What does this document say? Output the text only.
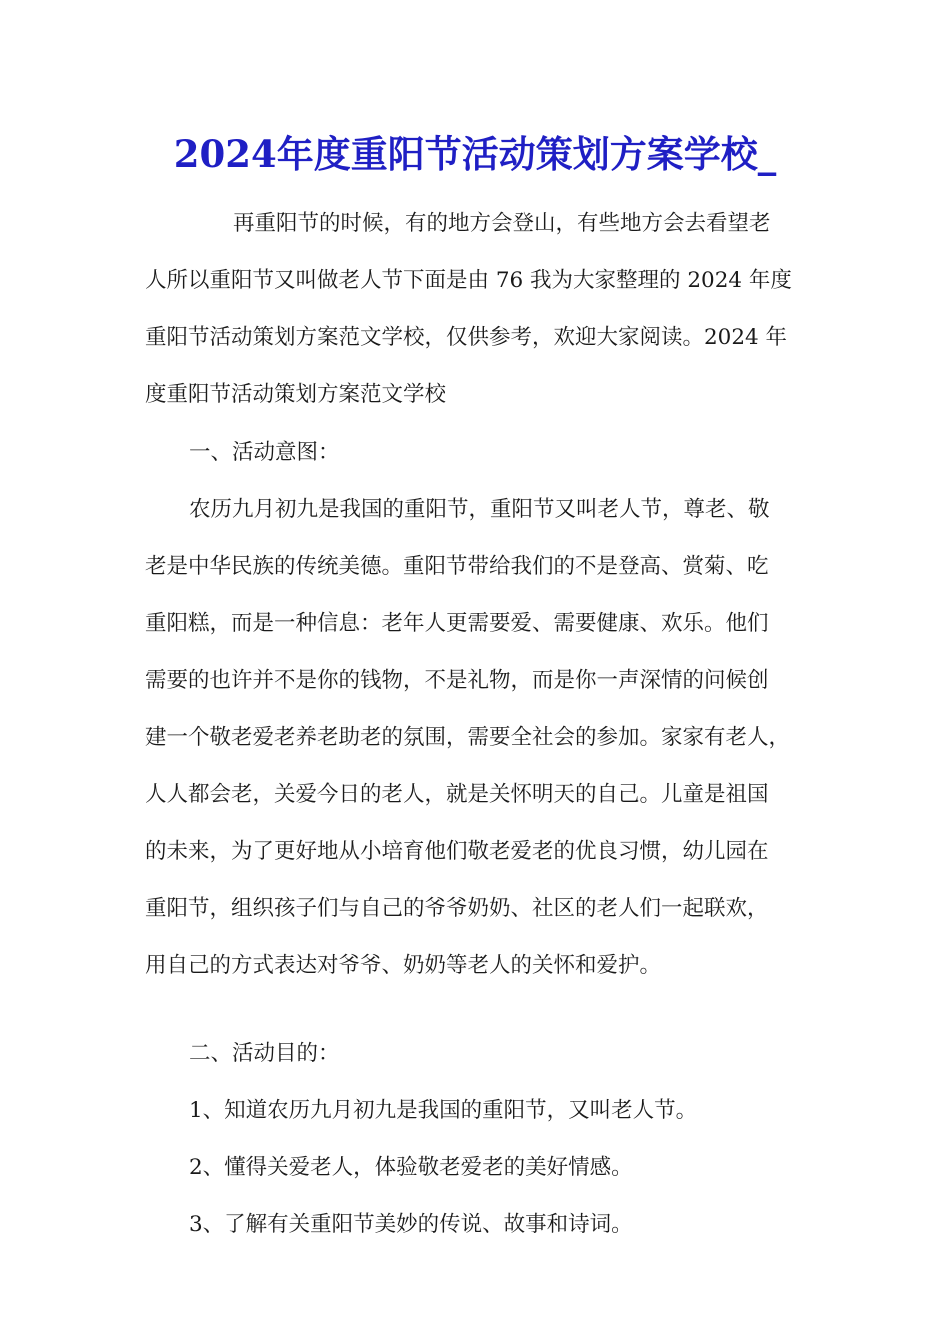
2024年度重阳节活动策划方案学校_
再重阳节的时候，有的地方会登山，有些地方会去看望老
人所以重阳节又叫做老人节下面是由 76 我为大家整理的 2024 年度
重阳节活动策划方案范文学校，仅供参考，欢迎大家阅读。2024 年
度重阳节活动策划方案范文学校
一、活动意图：
农历九月初九是我国的重阳节，重阳节又叫老人节，尊老、敬
老是中华民族的传统美德。重阳节带给我们的不是登高、赏菊、吃
重阳糕，而是一种信息：老年人更需要爱、需要健康、欢乐。他们
需要的也许并不是你的钱物，不是礼物，而是你一声深情的问候创
建一个敬老爱老养老助老的氛围，需要全社会的参加。家家有老人，
人人都会老，关爱今日的老人，就是关怀明天的自己。儿童是祖国
的未来，为了更好地从小培育他们敬老爱老的优良习惯，幼儿园在
重阳节，组织孩子们与自己的爷爷奶奶、社区的老人们一起联欢，
用自己的方式表达对爷爷、奶奶等老人的关怀和爱护。
二、活动目的：
1、知道农历九月初九是我国的重阳节，又叫老人节。
2、懂得关爱老人，体验敬老爱老的美好情感。
3、了解有关重阳节美妙的传说、故事和诗词。
